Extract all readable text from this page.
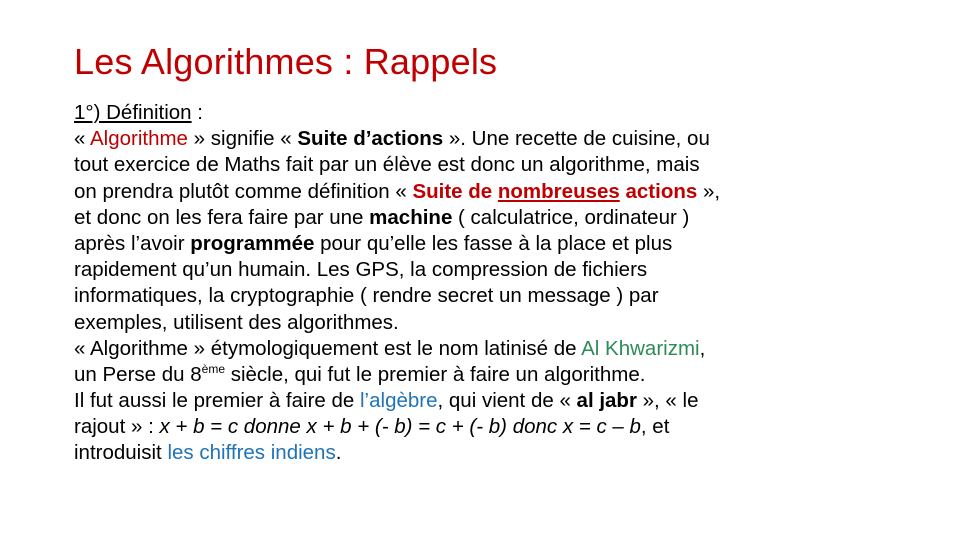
Les Algorithmes : Rappels
1°) Définition :
« Algorithme » signifie « Suite d’actions ». Une recette de cuisine, ou
tout exercice de Maths fait par un élève est donc un algorithme, mais
on prendra plutôt comme définition « Suite de nombreuses actions »,
et donc on les fera faire par une machine ( calculatrice, ordinateur )
après l’avoir programmée pour qu’elle les fasse à la place et plus
rapidement qu’un humain. Les GPS, la compression de fichiers
informatiques, la cryptographie ( rendre secret un message ) par
exemples, utilisent des algorithmes.
« Algorithme » étymologiquement est le nom latinisé de Al Khwarizmi,
un Perse du 8ème siècle, qui fut le premier à faire un algorithme.
Il fut aussi le premier à faire de l’algèbre, qui vient de « al jabr », « le
rajout » : x + b = c donne x + b + (- b) = c + (- b) donc x = c – b, et
introduisit les chiffres indiens.
